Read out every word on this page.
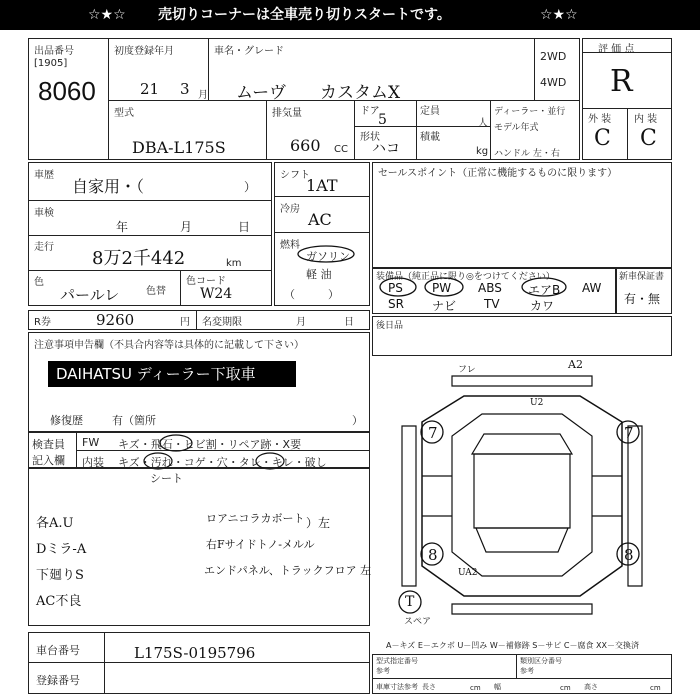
☆★☆ 売切りコーナーは全車売り切りスタートです。	☆★☆
出品番号
[1905]
8060
初度登録年月
21 3 月
車名・グレード
ムーヴ カスタムX
2WD
4WD
型式
DBA-L175S
排気量
660 CC
ドア
5
形状
ハコ
定員
人
積載
kg
ディーラー・並行
モデル年式
ハンドル 左・右
評 価 点
R
外 装 内 装
C C
車歴
自家用・（	）
車検
年	月	日
走行
8万2千442	km
色
パールレ	色替
色コード
W24
シフト
1AT
冷房
AC
燃料
ガソリン
軽 油
（　　　）
セールスポイント（正常に機能するものに限ります）
装備品（純正品に限り◎をつけてください）
PS PW ABS エアB AW
SR ナビ TV	カワ
新車保証書
有・無
R券	9260	円 名変期限	月	日 後日品
注意事項申告欄（不具合内容等は具体的に記載して下さい）
DAIHATSU ディーラー下取車
修復歴	有（箇所	）
検査員
記入欄
FW キズ・飛石・ヒビ割・リペア跡・X要
内装 キズ・汚れ・コゲ・穴・タレ・キレ・破し
シート
各A.U	ロアニコラカボート ）左
Dミラ-A	右Fサイドトノ-メルル
下廻りS	エンドパネル、トラックフロア 左
AC不良
A2
U2
フレ
7	7
8	8
UA2
T
スペア
車台番号	L175S-0195796
登録番号
A－キズ E－エクボ U－凹み W－補修跡 S－サビ C－腐食 XX－交換済
型式指定番号
参考
類別区分番号
参考
車庫寸法参考 長さ	cm 幅	cm 高さ	cm
